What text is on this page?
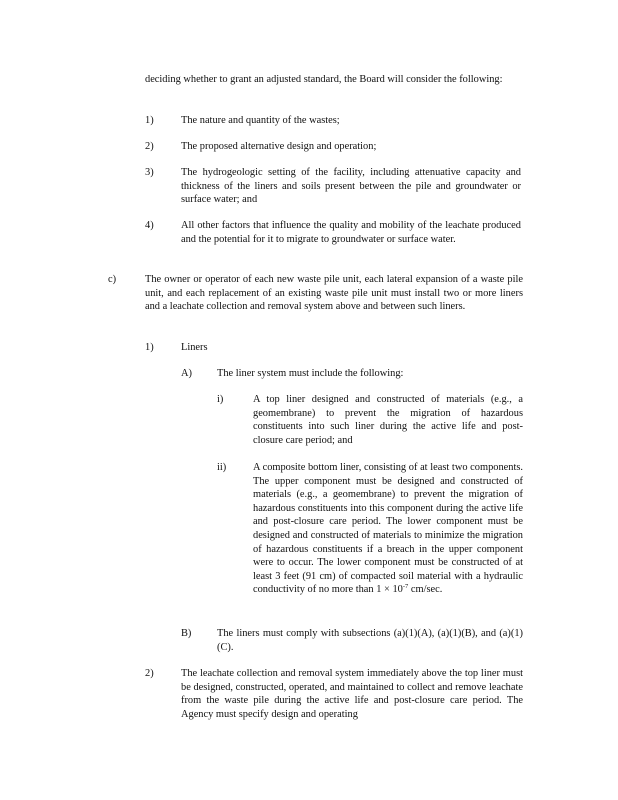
deciding whether to grant an adjusted standard, the Board will consider the following:
1)	The nature and quantity of the wastes;
2)	The proposed alternative design and operation;
3)	The hydrogeologic setting of the facility, including attenuative capacity and thickness of the liners and soils present between the pile and groundwater or surface water; and
4)	All other factors that influence the quality and mobility of the leachate produced and the potential for it to migrate to groundwater or surface water.
c)	The owner or operator of each new waste pile unit, each lateral expansion of a waste pile unit, and each replacement of an existing waste pile unit must install two or more liners and a leachate collection and removal system above and between such liners.
1)	Liners
A) The liner system must include the following:
i)	A top liner designed and constructed of materials (e.g., a geomembrane) to prevent the migration of hazardous constituents into such liner during the active life and post-closure care period; and
ii)	A composite bottom liner, consisting of at least two components. The upper component must be designed and constructed of materials (e.g., a geomembrane) to prevent the migration of hazardous constituents into this component during the active life and post-closure care period. The lower component must be designed and constructed of materials to minimize the migration of hazardous constituents if a breach in the upper component were to occur. The lower component must be constructed of at least 3 feet (91 cm) of compacted soil material with a hydraulic conductivity of no more than $1 \times 10^{-7}$ cm/sec.
B) The liners must comply with subsections (a)(1)(A), (a)(1)(B), and (a)(1)(C).
2)	The leachate collection and removal system immediately above the top liner must be designed, constructed, operated, and maintained to collect and remove leachate from the waste pile during the active life and post-closure care period. The Agency must specify design and operating
